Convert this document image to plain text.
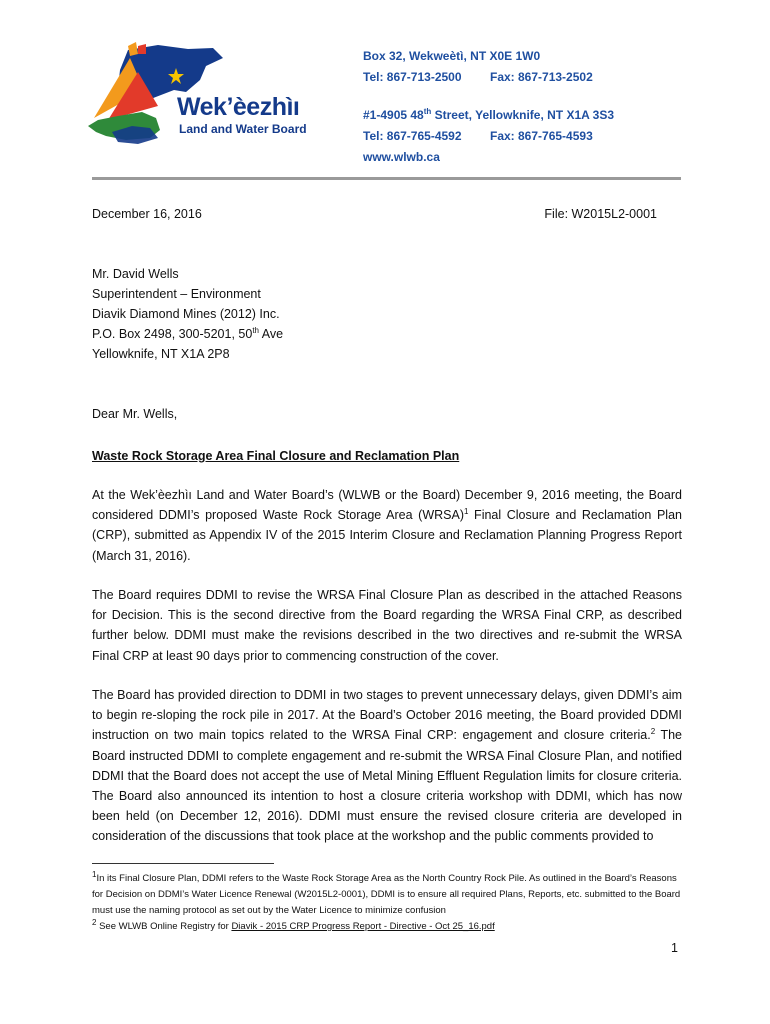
Wek’èezhìı
Land and Water Board
Box 32, Wekweètì, NT X0E 1W0
Tel: 867-713-2500 Fax: 867-713-2502
#1-4905 48th Street, Yellowknife, NT X1A 3S3
Tel: 867-765-4592 Fax: 867-765-4593
www.wlwb.ca
December 16, 2016	File: W2015L2-0001
Mr. David Wells
Superintendent – Environment
Diavik Diamond Mines (2012) Inc.
P.O. Box 2498, 300-5201, 50th Ave
Yellowknife, NT X1A 2P8
Dear Mr. Wells,
Waste Rock Storage Area Final Closure and Reclamation Plan
At the Wek’èezhìı Land and Water Board’s (WLWB or the Board) December 9, 2016 meeting, the Board considered DDMI’s proposed Waste Rock Storage Area (WRSA)$^1$ Final Closure and Reclamation Plan (CRP), submitted as Appendix IV of the 2015 Interim Closure and Reclamation Planning Progress Report (March 31, 2016).
The Board requires DDMI to revise the WRSA Final Closure Plan as described in the attached Reasons for Decision. This is the second directive from the Board regarding the WRSA Final CRP, as described further below. DDMI must make the revisions described in the two directives and re-submit the WRSA Final CRP at least 90 days prior to commencing construction of the cover.
The Board has provided direction to DDMI in two stages to prevent unnecessary delays, given DDMI’s aim to begin re-sloping the rock pile in 2017. At the Board’s October 2016 meeting, the Board provided DDMI instruction on two main topics related to the WRSA Final CRP: engagement and closure criteria.$^2$ The Board instructed DDMI to complete engagement and re-submit the WRSA Final Closure Plan, and notified DDMI that the Board does not accept the use of Metal Mining Effluent Regulation limits for closure criteria. The Board also announced its intention to host a closure criteria workshop with DDMI, which has now been held (on December 12, 2016). DDMI must ensure the revised closure criteria are developed in consideration of the discussions that took place at the workshop and the public comments provided to
$^1$In its Final Closure Plan, DDMI refers to the Waste Rock Storage Area as the North Country Rock Pile. As outlined in the Board’s Reasons for Decision on DDMI’s Water Licence Renewal (W2015L2-0001), DDMI is to ensure all required Plans, Reports, etc. submitted to the Board must use the naming protocol as set out by the Water Licence to minimize confusion
$^2$ See WLWB Online Registry for Diavik - 2015 CRP Progress Report - Directive - Oct 25_16.pdf
1
